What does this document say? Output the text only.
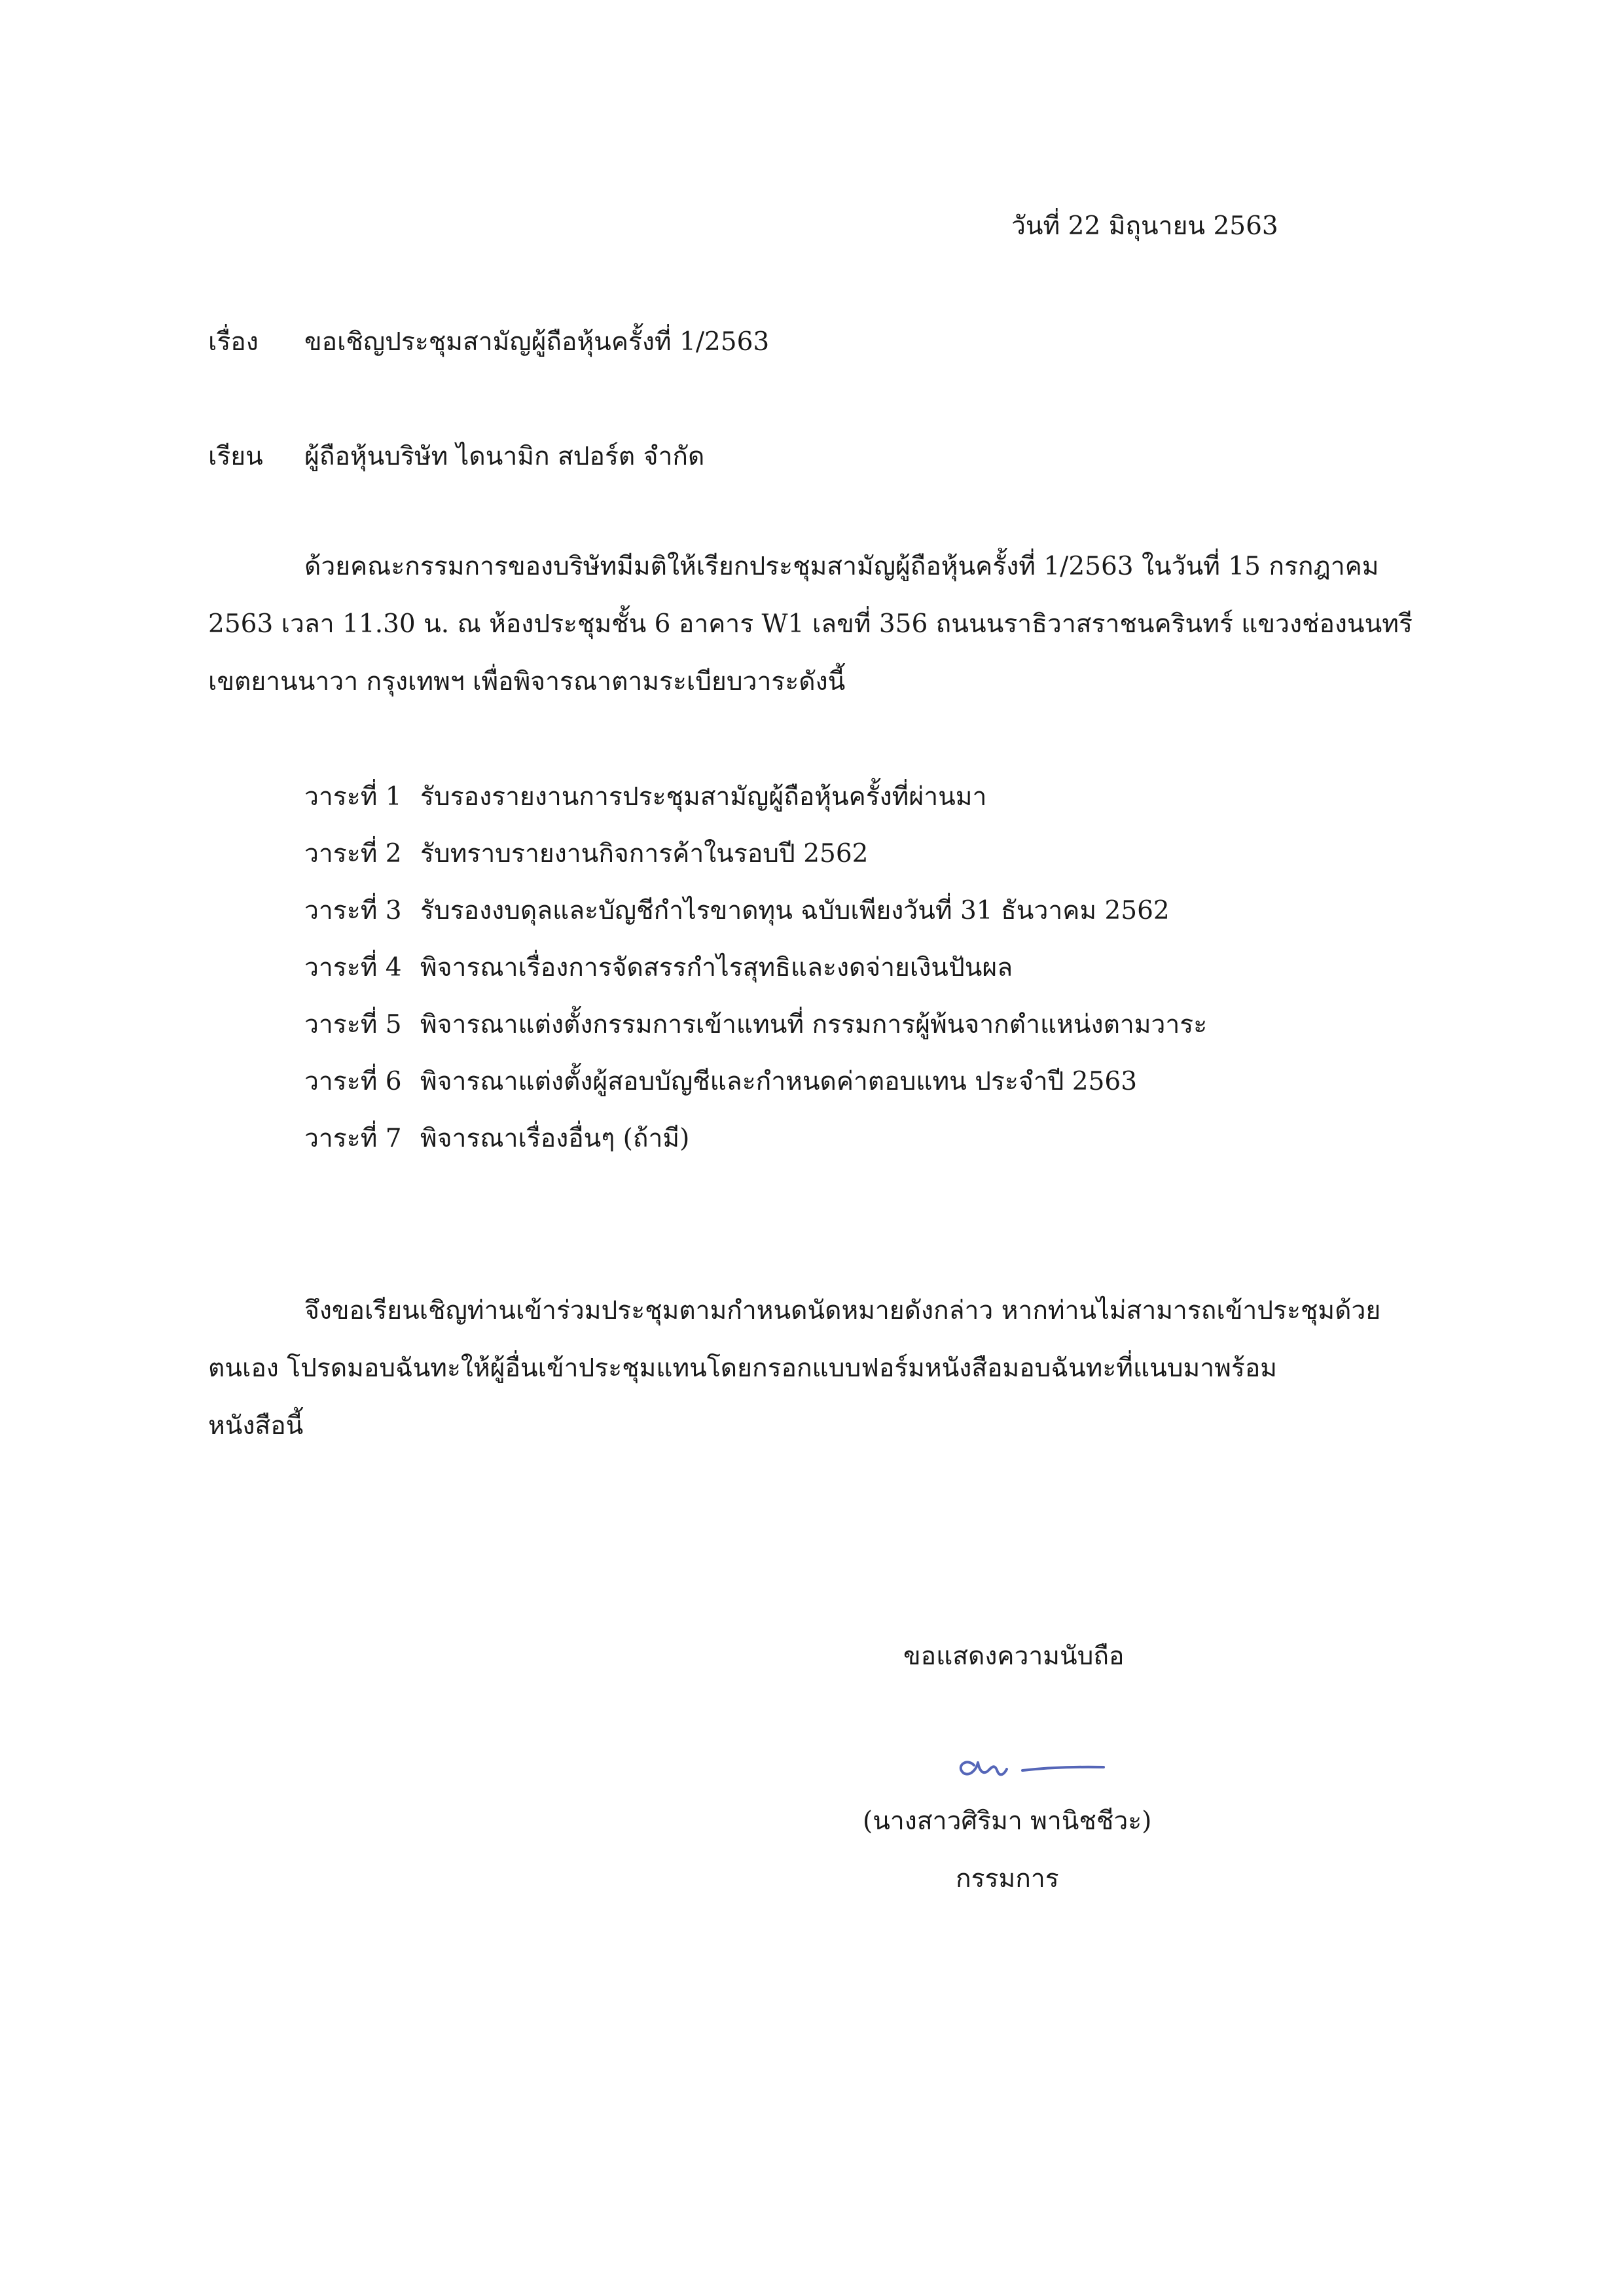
วันที่ 22 มิถุนายน 2563
เรื่อง ขอเชิญประชุมสามัญผู้ถือหุ้นครั้งที่ 1/2563
เรียน ผู้ถือหุ้นบริษัท ไดนามิก สปอร์ต จำกัด
ด้วยคณะกรรมการของบริษัทมีมติให้เรียกประชุมสามัญผู้ถือหุ้นครั้งที่ 1/2563 ในวันที่ 15 กรกฎาคม
2563 เวลา 11.30 น. ณ ห้องประชุมชั้น 6 อาคาร W1 เลขที่ 356 ถนนนราธิวาสราชนครินทร์ แขวงช่องนนทรี
เขตยานนาวา กรุงเทพฯ เพื่อพิจารณาตามระเบียบวาระดังนี้
วาระที่ 1 รับรองรายงานการประชุมสามัญผู้ถือหุ้นครั้งที่ผ่านมา
วาระที่ 2 รับทราบรายงานกิจการค้าในรอบปี 2562
วาระที่ 3 รับรองงบดุลและบัญชีกำไรขาดทุน ฉบับเพียงวันที่ 31 ธันวาคม 2562
วาระที่ 4 พิจารณาเรื่องการจัดสรรกำไรสุทธิและงดจ่ายเงินปันผล
วาระที่ 5 พิจารณาแต่งตั้งกรรมการเข้าแทนที่ กรรมการผู้พ้นจากตำแหน่งตามวาระ
วาระที่ 6 พิจารณาแต่งตั้งผู้สอบบัญชีและกำหนดค่าตอบแทน ประจำปี 2563
วาระที่ 7 พิจารณาเรื่องอื่นๆ (ถ้ามี)
จึงขอเรียนเชิญท่านเข้าร่วมประชุมตามกำหนดนัดหมายดังกล่าว หากท่านไม่สามารถเข้าประชุมด้วย
ตนเอง โปรดมอบฉันทะให้ผู้อื่นเข้าประชุมแทนโดยกรอกแบบฟอร์มหนังสือมอบฉันทะที่แนบมาพร้อม
หนังสือนี้
ขอแสดงความนับถือ
(นางสาวศิริมา พานิชชีวะ)
กรรมการ
